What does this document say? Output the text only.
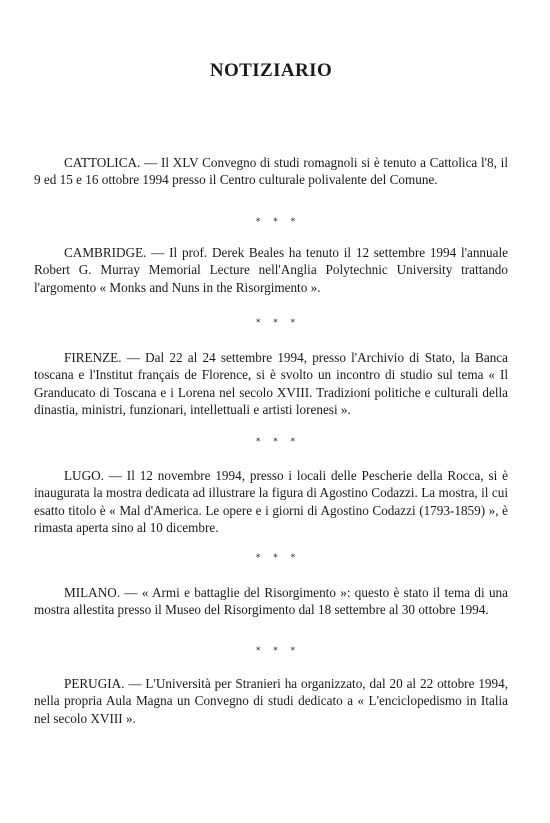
NOTIZIARIO

CATTOLICA. — Il XLV Convegno di studi romagnoli si è tenuto a Cattolica l'8, il 9 ed 15 e 16 ottobre 1994 presso il Centro culturale polivalente del Comune.

* * *

CAMBRIDGE. — Il prof. Derek Beales ha tenuto il 12 settembre 1994 l'annuale Robert G. Murray Memorial Lecture nell'Anglia Polytechnic University trattando l'argomento « Monks and Nuns in the Risorgimento ».

* * *

FIRENZE. — Dal 22 al 24 settembre 1994, presso l'Archivio di Stato, la Banca toscana e l'Institut français de Florence, si è svolto un incontro di studio sul tema « Il Granducato di Toscana e i Lorena nel secolo XVIII. Tradizioni politiche e culturali della dinastia, ministri, funzionari, intellettuali e artisti lorenesi ».

* * *

LUGO. — Il 12 novembre 1994, presso i locali delle Pescherie della Rocca, si è inaugurata la mostra dedicata ad illustrare la figura di Agostino Codazzi. La mostra, il cui esatto titolo è « Mal d'America. Le opere e i giorni di Agostino Codazzi (1793-1859) », è rimasta aperta sino al 10 dicembre.

* * *

MILANO. — « Armi e battaglie del Risorgimento »: questo è stato il tema di una mostra allestita presso il Museo del Risorgimento dal 18 settembre al 30 ottobre 1994.

* * *

PERUGIA. — L'Università per Stranieri ha organizzato, dal 20 al 22 ottobre 1994, nella propria Aula Magna un Convegno di studi dedicato a « L'enciclopedismo in Italia nel secolo XVIII ».
